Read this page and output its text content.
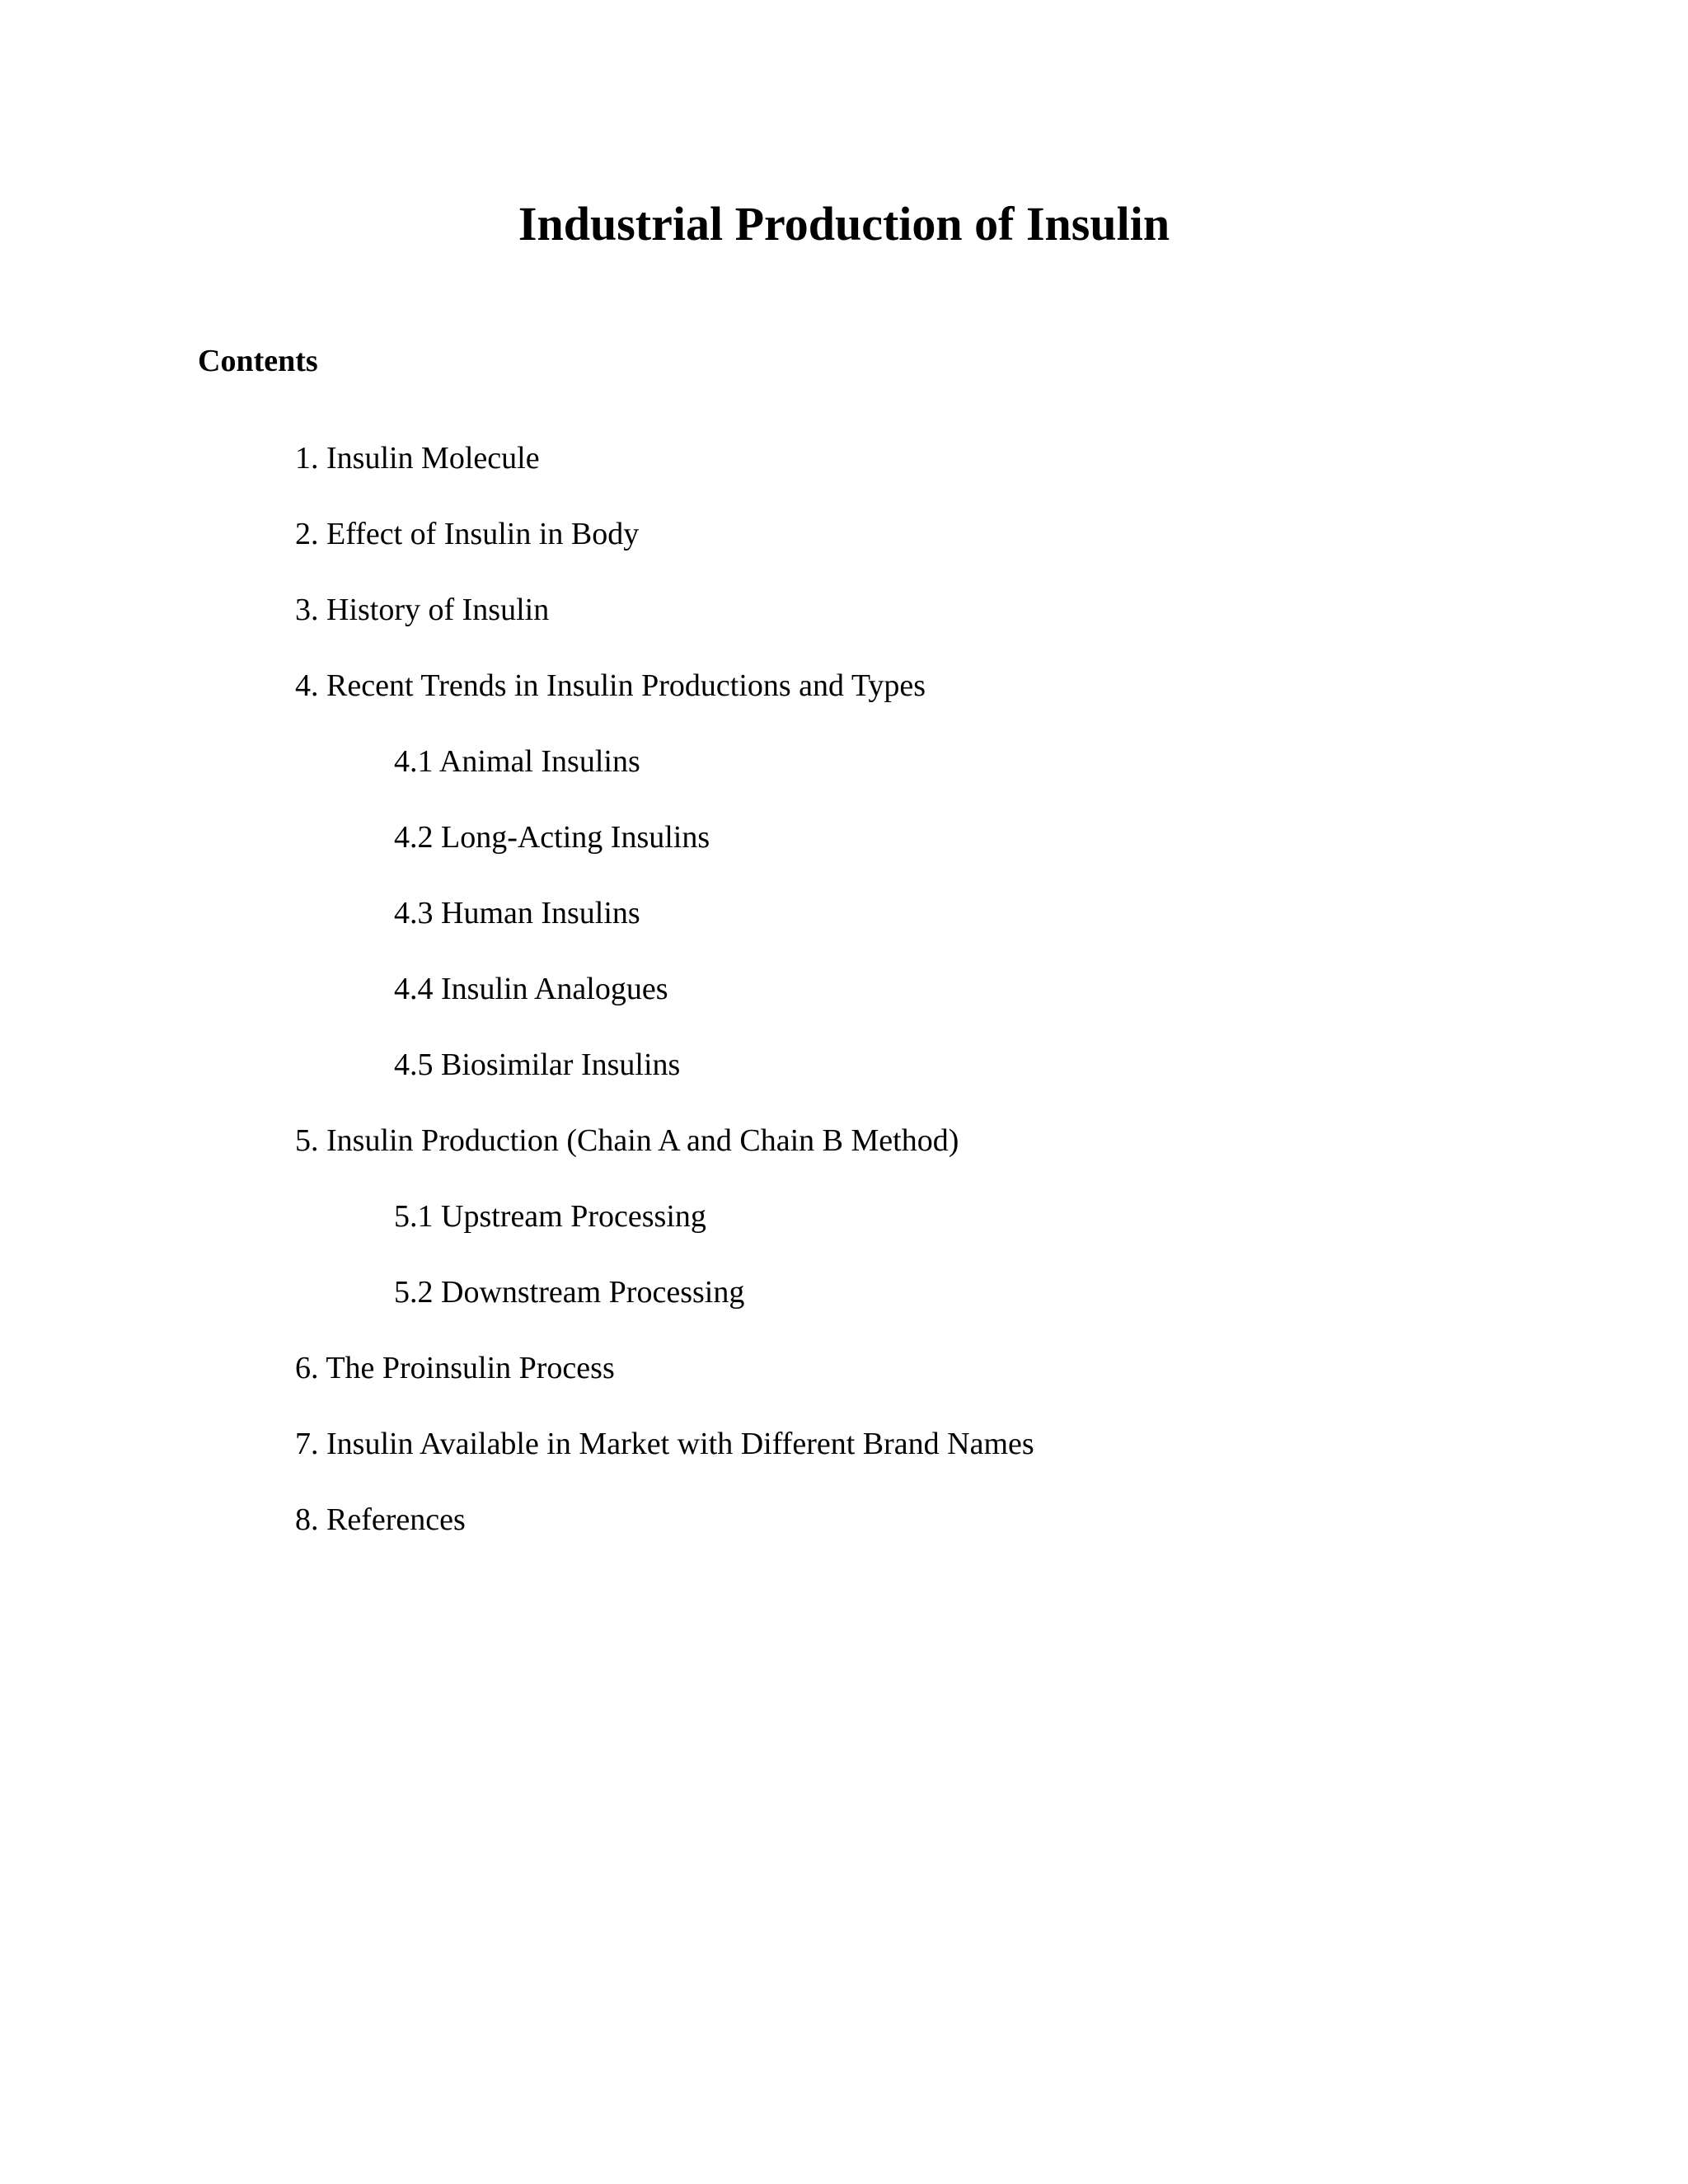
Industrial Production of Insulin
Contents
1. Insulin Molecule
2. Effect of Insulin in Body
3. History of Insulin
4. Recent Trends in Insulin Productions and Types
4.1 Animal Insulins
4.2 Long-Acting Insulins
4.3 Human Insulins
4.4 Insulin Analogues
4.5 Biosimilar Insulins
5. Insulin Production (Chain A and Chain B Method)
5.1 Upstream Processing
5.2 Downstream Processing
6. The Proinsulin Process
7. Insulin Available in Market with Different Brand Names
8. References
